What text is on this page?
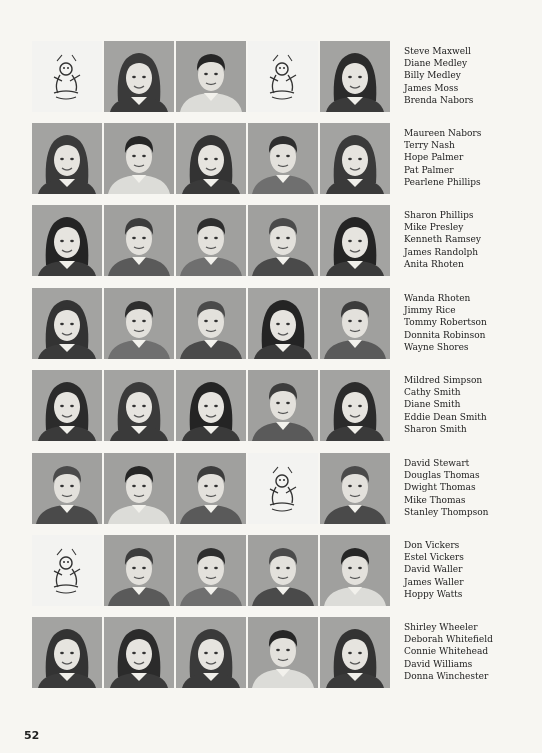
Steve Maxwell
Diane Medley
Billy Medley
James Moss
Brenda Nabors
Maureen Nabors
Terry Nash
Hope Palmer
Pat Palmer
Pearlene Phillips
Sharon Phillips
Mike Presley
Kenneth Ramsey
James Randolph
Anita Rhoten
Wanda Rhoten
Jimmy Rice
Tommy Robertson
Donnita Robinson
Wayne Shores
Mildred Simpson
Cathy Smith
Diane Smith
Eddie Dean Smith
Sharon Smith
David Stewart
Douglas Thomas
Dwight Thomas
Mike Thomas
Stanley Thompson
Don Vickers
Estel Vickers
David Waller
James Waller
Hoppy Watts
Shirley Wheeler
Deborah Whitefield
Connie Whitehead
David Williams
Donna Winchester
52
